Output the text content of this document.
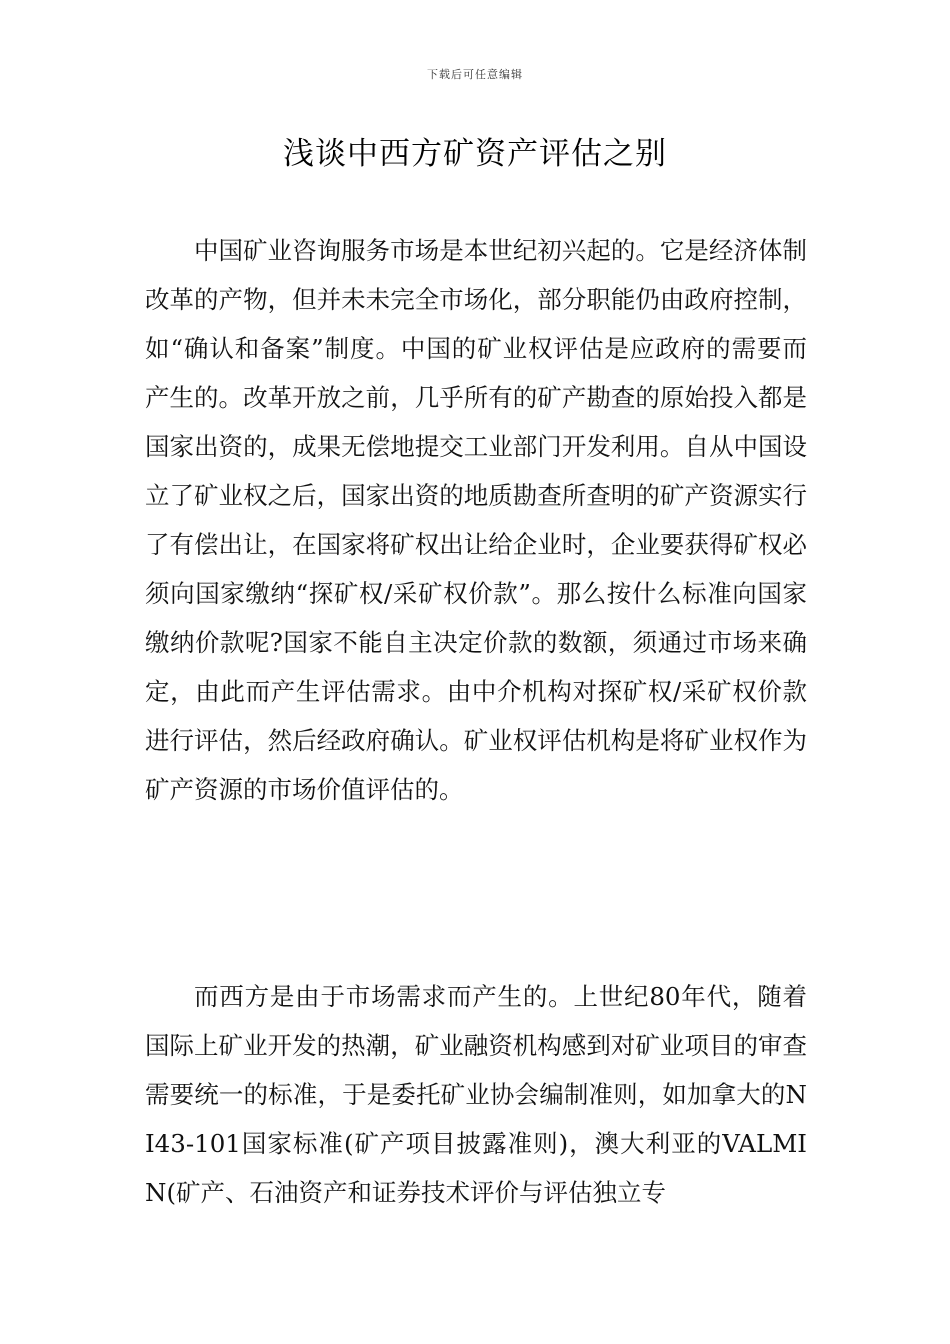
下载后可任意编辑
浅谈中西方矿资产评估之别

中国矿业咨询服务市场是本世纪初兴起的。它是经济体制改革的产物，但并未未完全市场化，部分职能仍由政府控制，如“确认和备案”制度。中国的矿业权评估是应政府的需要而产生的。改革开放之前，几乎所有的矿产勘查的原始投入都是国家出资的，成果无偿地提交工业部门开发利用。自从中国设立了矿业权之后，国家出资的地质勘查所查明的矿产资源实行了有偿出让，在国家将矿权出让给企业时，企业要获得矿权必须向国家缴纳“探矿权/采矿权价款”。那么按什么标准向国家缴纳价款呢?国家不能自主决定价款的数额，须通过市场来确定，由此而产生评估需求。由中介机构对探矿权/采矿权价款进行评估，然后经政府确认。矿业权评估机构是将矿业权作为矿产资源的市场价值评估的。

而西方是由于市场需求而产生的。上世纪80年代，随着国际上矿业开发的热潮，矿业融资机构感到对矿业项目的审查需要统一的标准，于是委托矿业协会编制准则，如加拿大的NI43-101国家标准(矿产项目披露准则)，澳大利亚的VALMIN(矿产、石油资产和证券技术评价与评估独立专
